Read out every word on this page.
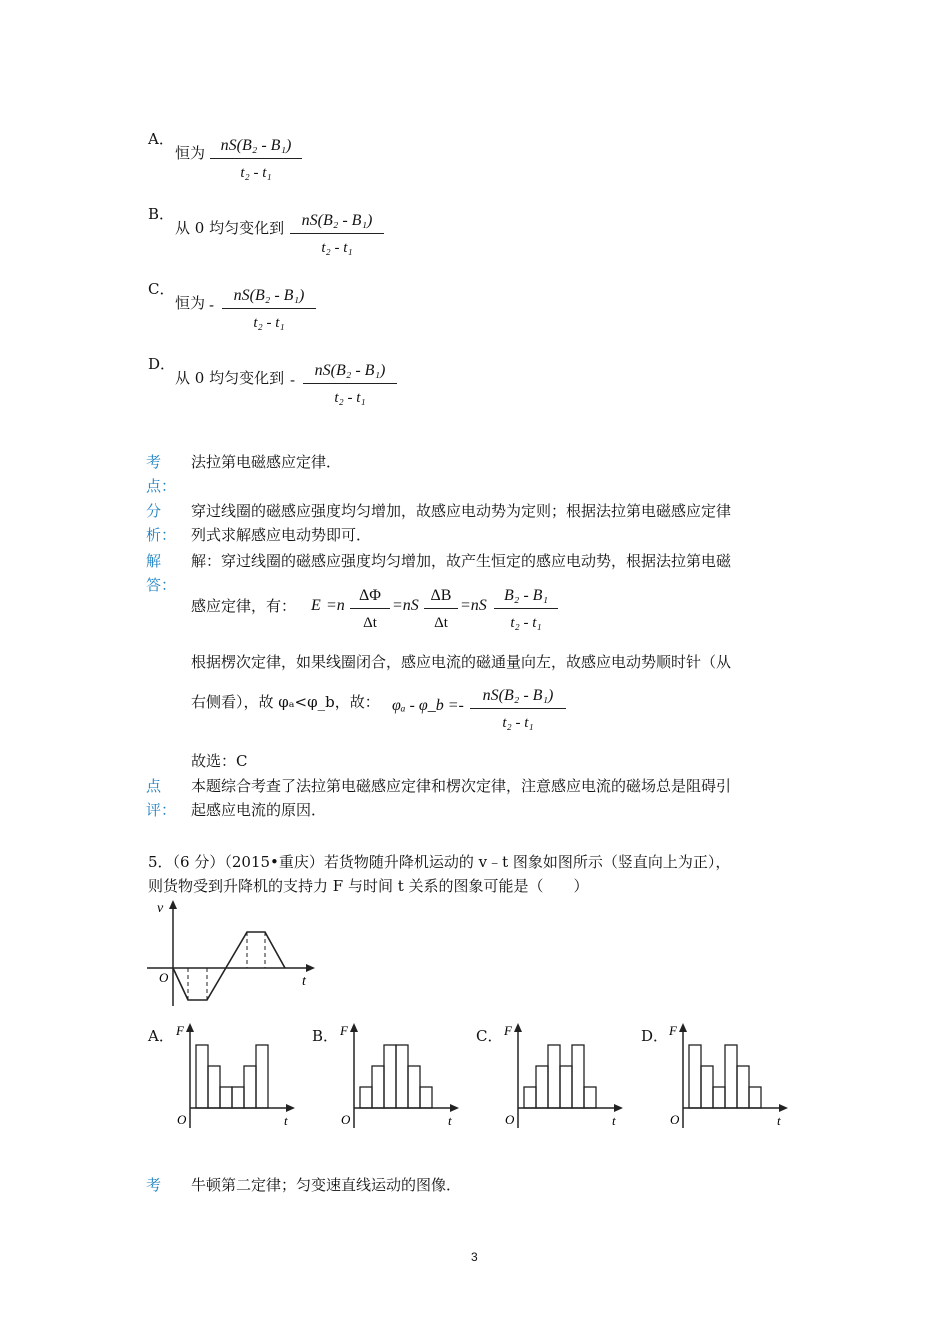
A．
恒为 nS(B₂ - B₁)
t₂ - t₁
B．
从 0 均匀变化到	nS(B₂ - B₁)
t₂ - t₁
C．
恒为 -
nS(B₂ - B₁)
t₂ - t₁
D．
从 0 均匀变化到 -
nS(B₂ - B₁)
t₂ - t₁
考
点：
法拉第电磁感应定律．
分
析：
穿过线圈的磁感应强度均匀增加，故感应电动势为定则；根据法拉第电磁感应定律
列式求解感应电动势即可．
解
答：
解：穿过线圈的磁感应强度均匀增加，故产生恒定的感应电动势，根据法拉第电磁
感应定律，有： E =n
ΔΦ
Δt
=nS
ΔB
Δt
=nS
B₂ - B₁
t₂ - t₁
根据楞次定律，如果线圈闭合，感应电流的磁通量向左，故感应电动势顺时针（从
右侧看），故 φₐ<φ_b，故： φₐ - φ_b =-
nS(B₂ - B₁)
t₂ - t₁
故选：C
点
评：
本题综合考查了法拉第电磁感应定律和楞次定律，注意感应电流的磁场总是阻碍引
起感应电流的原因．
5．（6 分）（2015•重庆）若货物随升降机运动的 v﹣t 图象如图所示（竖直向上为正），
则货物受到升降机的支持力 F 与时间 t 关系的图象可能是（　　）
v
t
O
A．	B．	C．	D．
F
t
O
F
t
O
F
t
O
F
t
O
考 牛顿第二定律；匀变速直线运动的图像．
3
